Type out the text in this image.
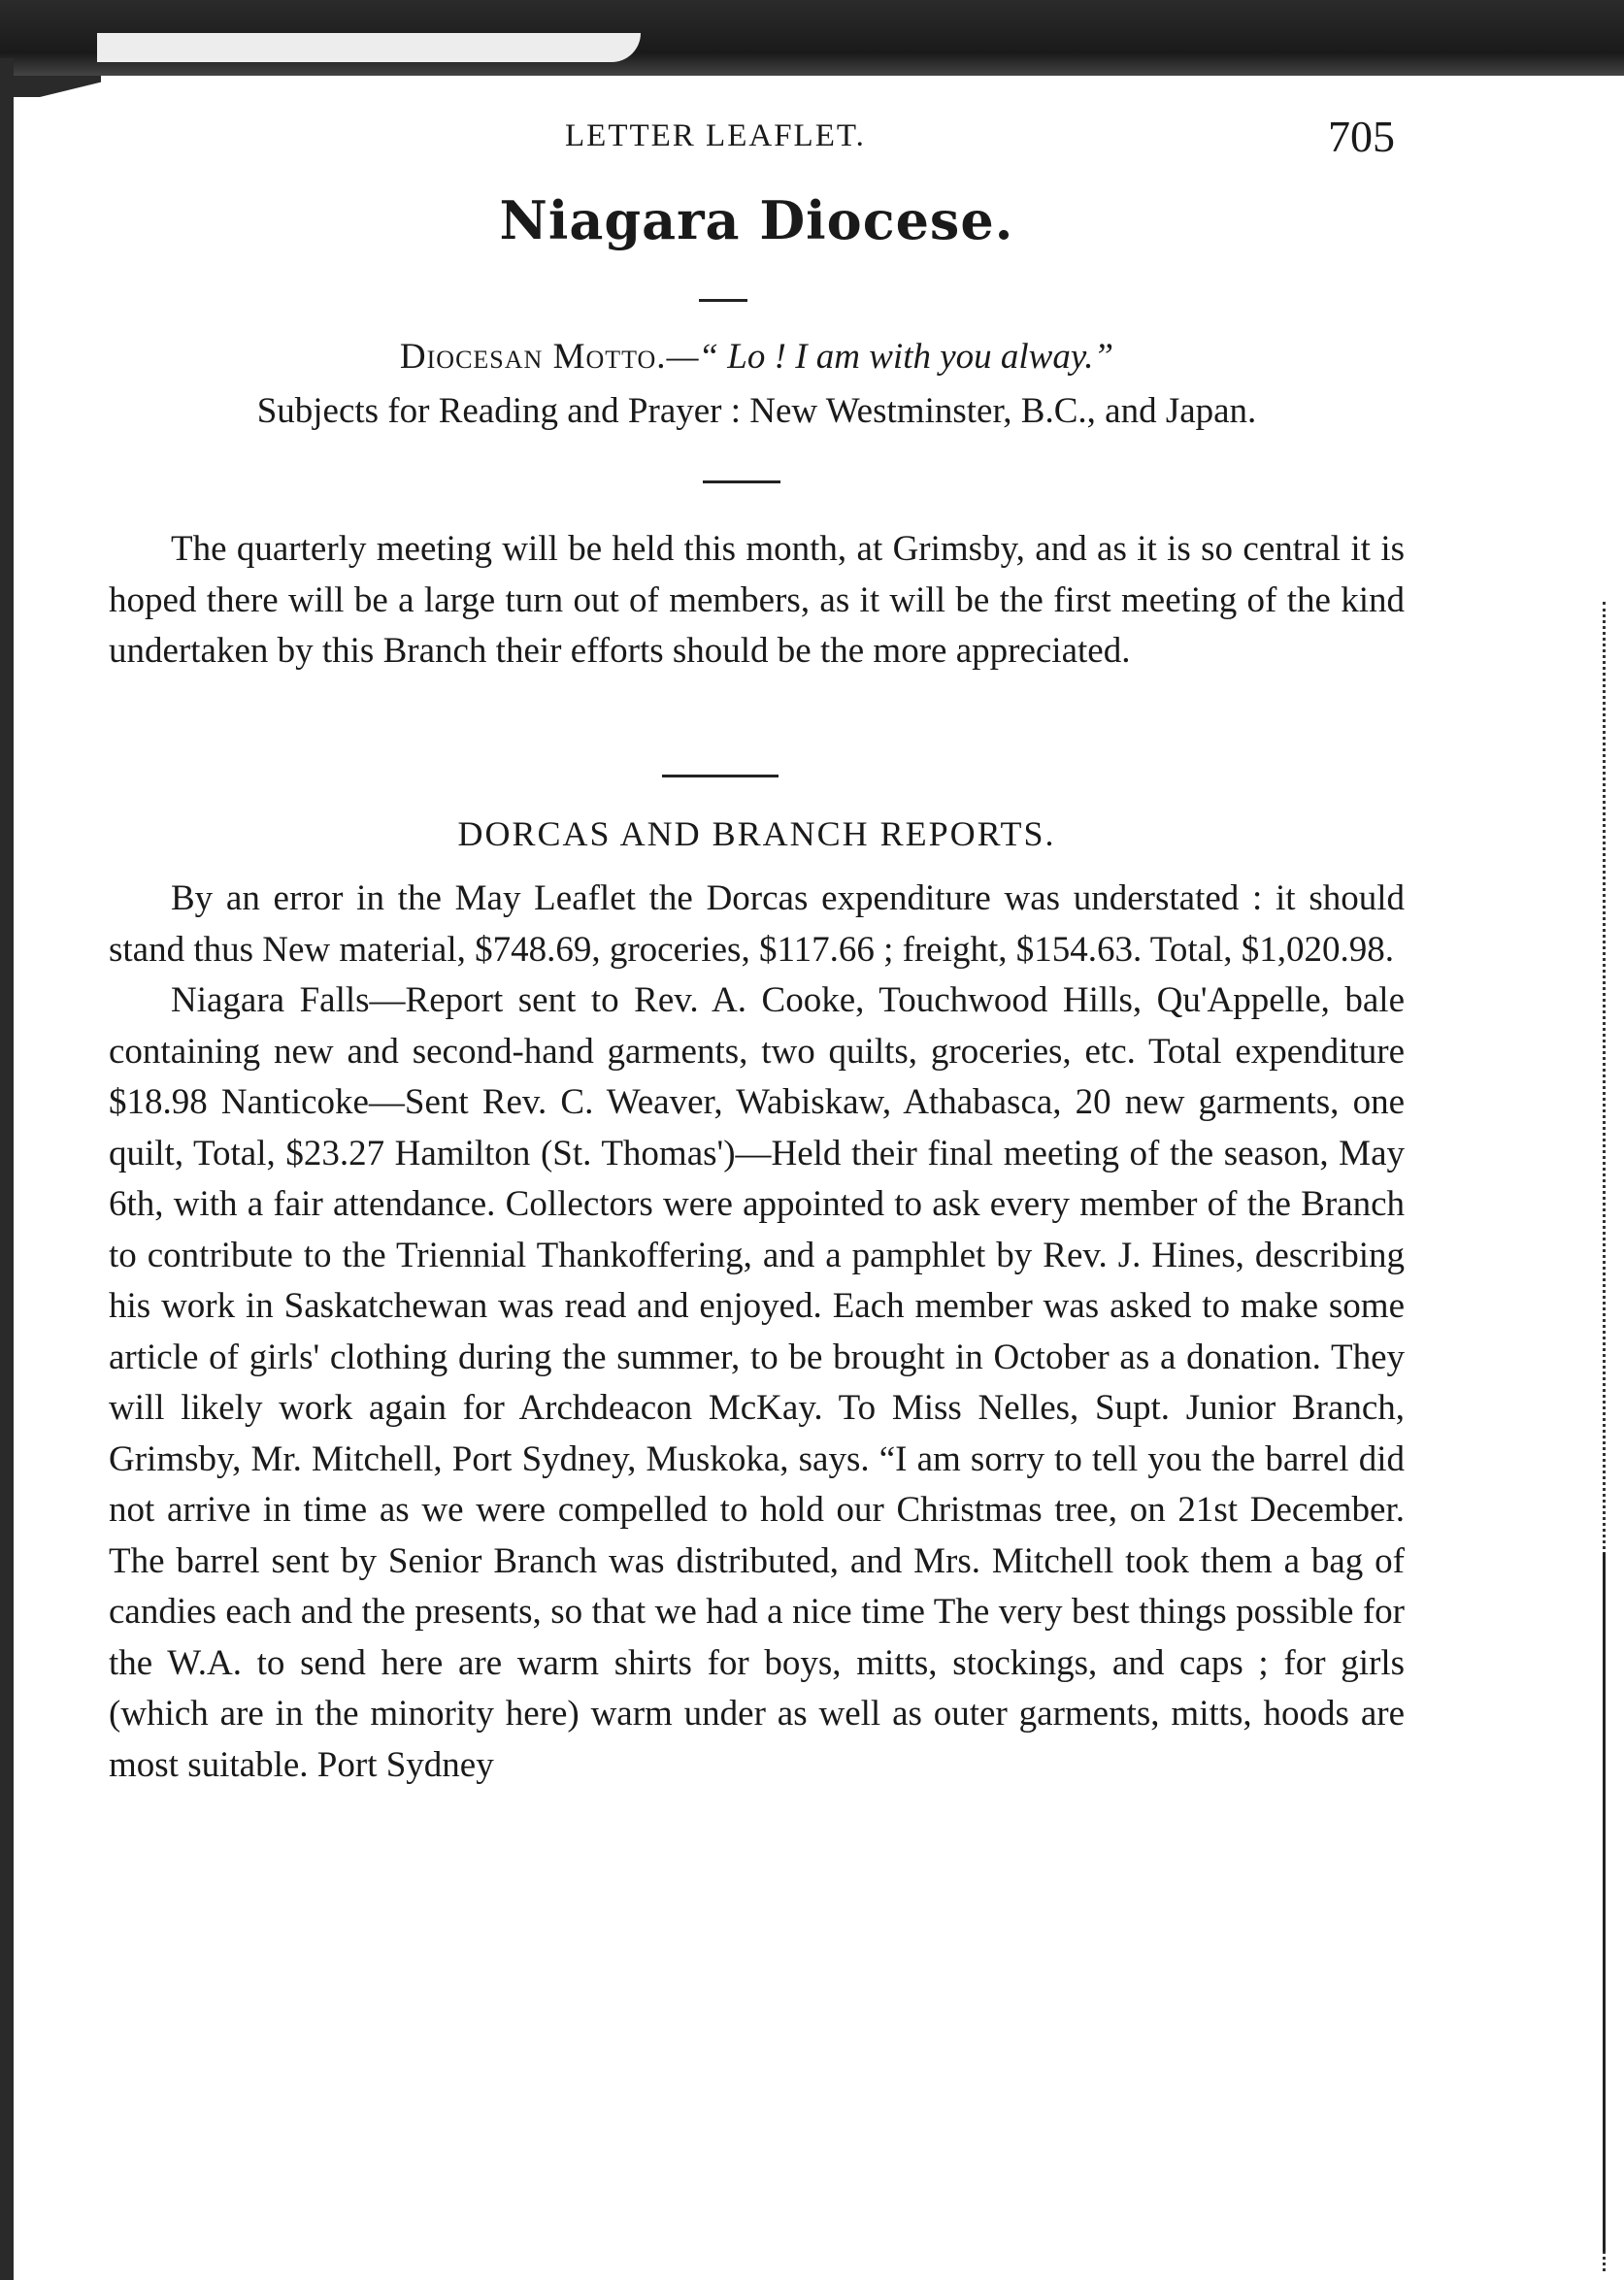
LETTER LEAFLET.	705
Niagara Diocese.
Diocesan Motto.—“ Lo ! I am with you alway.”
Subjects for Reading and Prayer : New Westminster, B.C., and Japan.

The quarterly meeting will be held this month, at Grimsby, and as it is so central it is hoped there will be a large turn out of members, as it will be the first meeting of the kind undertaken by this Branch their efforts should be the more appreciated.

DORCAS AND BRANCH REPORTS.

By an error in the May Leaflet the Dorcas expenditure was understated : it should stand thus New material, $748.69, groceries, $117.66 ; freight, $154.63. Total, $1,020.98.

Niagara Falls—Report sent to Rev. A. Cooke, Touchwood Hills, Qu'Appelle, bale containing new and second-hand garments, two quilts, groceries, etc. Total expenditure $18.98 Nanticoke—Sent Rev. C. Weaver, Wabiskaw, Athabasca, 20 new garments, one quilt, Total, $23.27 Hamilton (St. Thomas')—Held their final meeting of the season, May 6th, with a fair attendance. Collectors were appointed to ask every member of the Branch to contribute to the Triennial Thankoffering, and a pamphlet by Rev. J. Hines, describing his work in Saskatchewan was read and enjoyed. Each member was asked to make some article of girls' clothing during the summer, to be brought in October as a donation. They will likely work again for Archdeacon McKay. To Miss Nelles, Supt. Junior Branch, Grimsby, Mr. Mitchell, Port Sydney, Muskoka, says. “I am sorry to tell you the barrel did not arrive in time as we were compelled to hold our Christmas tree, on 21st December. The barrel sent by Senior Branch was distributed, and Mrs. Mitchell took them a bag of candies each and the presents, so that we had a nice time The very best things possible for the W.A. to send here are warm shirts for boys, mitts, stockings, and caps ; for girls (which are in the minority here) warm under as well as outer garments, mitts, hoods are most suitable. Port Sydney
